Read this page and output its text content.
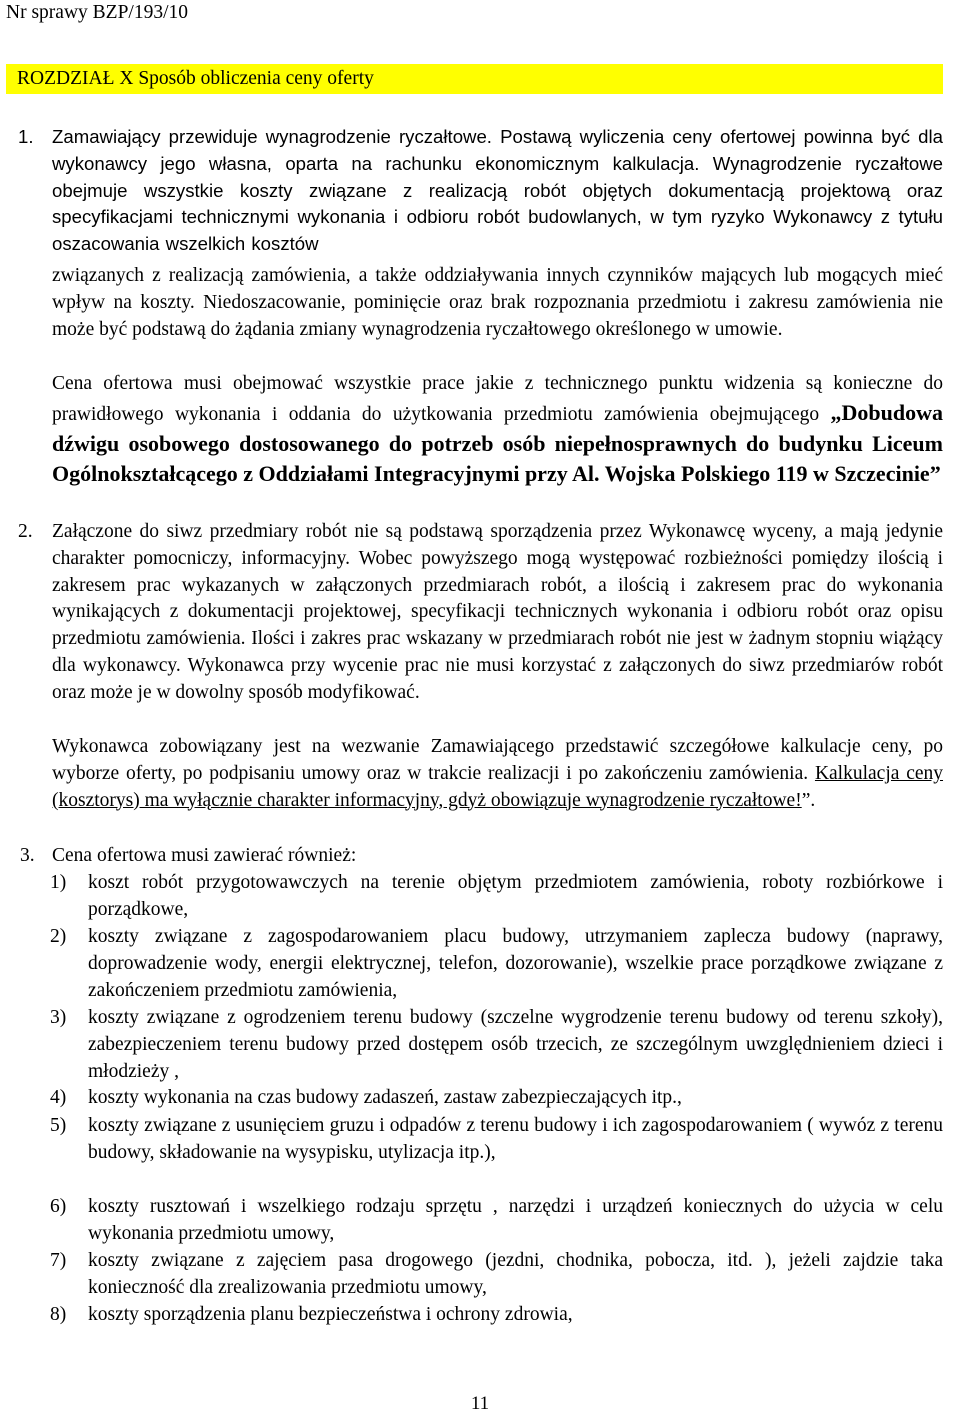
Nr sprawy BZP/193/10
ROZDZIAŁ X Sposób obliczenia ceny oferty
1. Zamawiający przewiduje wynagrodzenie ryczałtowe. Postawą wyliczenia ceny ofertowej powinna być dla wykonawcy jego własna, oparta na rachunku ekonomicznym kalkulacja. Wynagrodzenie ryczałtowe obejmuje wszystkie koszty związane z realizacją robót objętych dokumentacją projektową oraz specyfikacjami technicznymi wykonania i odbioru robót budowlanych, w tym ryzyko Wykonawcy z tytułu oszacowania wszelkich kosztów
związanych z realizacją zamówienia, a także oddziaływania innych czynników mających lub mogących mieć wpływ na koszty. Niedoszacowanie, pominięcie oraz brak rozpoznania przedmiotu i zakresu zamówienia nie może być podstawą do żądania zmiany wynagrodzenia ryczałtowego określonego w umowie.
Cena ofertowa musi obejmować wszystkie prace jakie z technicznego punktu widzenia są konieczne do prawidłowego wykonania i oddania do użytkowania przedmiotu zamówienia obejmującego „Dobudowa dźwigu osobowego dostosowanego do potrzeb osób niepełnosprawnych do budynku Liceum Ogólnokształcącego z Oddziałami Integracyjnymi przy Al. Wojska Polskiego 119 w Szczecinie”
2. Załączone do siwz przedmiary robót nie są podstawą sporządzenia przez Wykonawcę wyceny, a mają jedynie charakter pomocniczy, informacyjny. Wobec powyższego mogą występować rozbieżności pomiędzy ilością i zakresem prac wykazanych w załączonych przedmiarach robót, a ilością i zakresem prac do wykonania wynikających z dokumentacji projektowej, specyfikacji technicznych wykonania i odbioru robót oraz opisu przedmiotu zamówienia. Ilości i zakres prac wskazany w przedmiarach robót nie jest w żadnym stopniu wiążący dla wykonawcy. Wykonawca przy wycenie prac nie musi korzystać z załączonych do siwz przedmiarów robót oraz może je w dowolny sposób modyfikować.
Wykonawca zobowiązany jest na wezwanie Zamawiającego przedstawić szczegółowe kalkulacje ceny, po wyborze oferty, po podpisaniu umowy oraz w trakcie realizacji i po zakończeniu zamówienia. Kalkulacja ceny (kosztorys) ma wyłącznie charakter informacyjny, gdyż obowiązuje wynagrodzenie ryczałtowe!”.
3. Cena ofertowa musi zawierać również:
1)	koszt robót przygotowawczych na terenie objętym przedmiotem zamówienia, roboty rozbiórkowe i porządkowe,
2)	koszty związane z zagospodarowaniem placu budowy, utrzymaniem zaplecza budowy (naprawy, doprowadzenie wody, energii elektrycznej, telefon, dozorowanie), wszelkie prace porządkowe związane z zakończeniem przedmiotu zamówienia,
3)	koszty związane z ogrodzeniem terenu budowy (szczelne wygrodzenie terenu budowy od terenu szkoły), zabezpieczeniem terenu budowy przed dostępem osób trzecich, ze szczególnym uwzględnieniem dzieci i młodzieży ,
4)	koszty wykonania na czas budowy zadaszeń, zastaw zabezpieczających itp.,
5)	koszty związane z usunięciem gruzu i odpadów z terenu budowy i ich zagospodarowaniem ( wywóz z terenu budowy, składowanie na wysypisku, utylizacja itp.),
6)	koszty rusztowań i wszelkiego rodzaju sprzętu , narzędzi i urządzeń koniecznych do użycia w celu wykonania przedmiotu umowy,
7)	koszty związane z zajęciem pasa drogowego (jezdni, chodnika, pobocza, itd. ), jeżeli zajdzie taka konieczność dla zrealizowania przedmiotu umowy,
8)	koszty sporządzenia planu bezpieczeństwa i ochrony zdrowia,
11
